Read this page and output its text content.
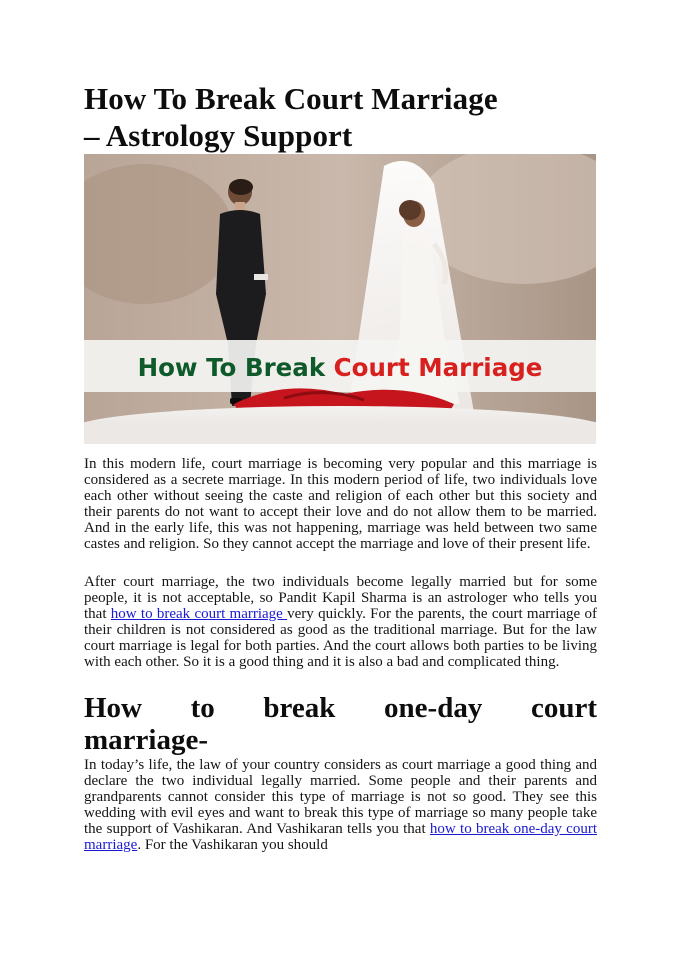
How To Break Court Marriage
– Astrology Support
How To Break Court Marriage

In this modern life, court marriage is becoming very popular and this marriage is considered as a secrete marriage. In this modern period of life, two individuals love each other without seeing the caste and religion of each other but this society and their parents do not want to accept their love and do not allow them to be married. And in the early life, this was not happening, marriage was held between two same castes and religion. So they cannot accept the marriage and love of their present life.

After court marriage, the two individuals become legally married but for some people, it is not acceptable, so Pandit Kapil Sharma is an astrologer who tells you that how to break court marriage very quickly. For the parents, the court marriage of their children is not considered as good as the traditional marriage. But for the law court marriage is legal for both parties. And the court allows both parties to be living with each other. So it is a good thing and it is also a bad and complicated thing.

How to break one-day court
marriage-

In today’s life, the law of your country considers as court marriage a good thing and declare the two individual legally married. Some people and their parents and grandparents cannot consider this type of marriage is not so good. They see this wedding with evil eyes and want to break this type of marriage so many people take the support of Vashikaran. And Vashikaran tells you that how to break one-day court marriage. For the Vashikaran you should
